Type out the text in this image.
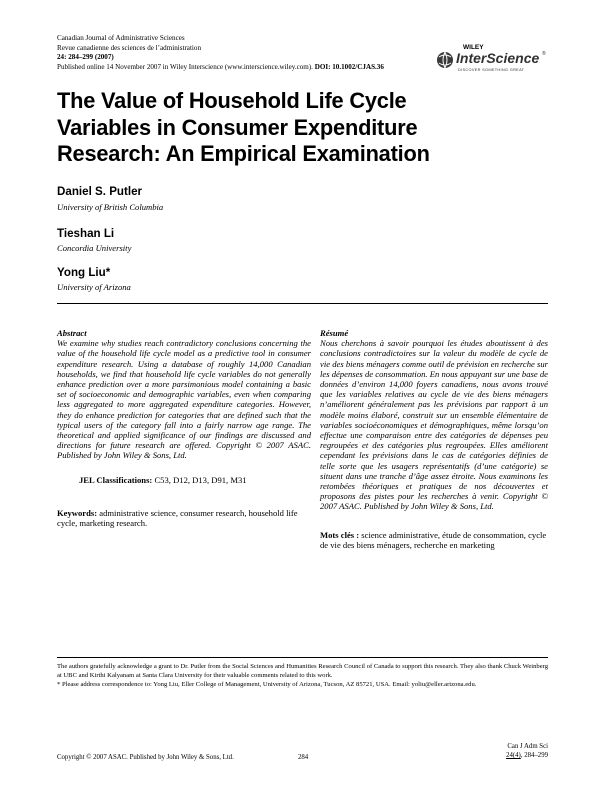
Canadian Journal of Administrative Sciences
Revue canadienne des sciences de l’administration
24: 284–299 (2007)
Published online 14 November 2007 in Wiley Interscience (www.interscience.wiley.com). DOI: 10.1002/CJAS.36
WILEY
InterScience ®
DISCOVER SOMETHING GREAT
The Value of Household Life Cycle
Variables in Consumer Expenditure
Research: An Empirical Examination
Daniel S. Putler
University of British Columbia
Tieshan Li
Concordia University
Yong Liu*
University of Arizona
Abstract
We examine why studies reach contradictory conclusions concerning the value of the household life cycle model as a predictive tool in consumer expenditure research. Using a database of roughly 14,000 Canadian households, we find that household life cycle variables do not generally enhance prediction over a more parsimonious model containing a basic set of socioeconomic and demographic variables, even when comparing less aggregated to more aggregated expenditure categories. However, they do enhance prediction for categories that are defined such that the typical users of the category fall into a fairly narrow age range. The theoretical and applied significance of our findings are discussed and directions for future research are offered. Copyright © 2007 ASAC. Published by John Wiley & Sons, Ltd.
JEL Classifications: C53, D12, D13, D91, M31
Keywords: administrative science, consumer research, household life cycle, marketing research.
Résumé
Nous cherchons à savoir pourquoi les études aboutissent à des conclusions contradictoires sur la valeur du modèle de cycle de vie des biens ménagers comme outil de prévision en recherche sur les dépenses de consommation. En nous appuyant sur une base de données d’environ 14,000 foyers canadiens, nous avons trouvé que les variables relatives au cycle de vie des biens ménagers n’améliorent généralement pas les prévisions par rapport à un modèle moins élaboré, construit sur un ensemble élémentaire de variables socioéconomiques et démographiques, même lorsqu’on effectue une comparaison entre des catégories de dépenses peu regroupées et des catégories plus regroupées. Elles améliorent cependant les prévisions dans le cas de catégories définies de telle sorte que les usagers représentatifs (d’une catégorie) se situent dans une tranche d’âge assez étroite. Nous examinons les retombées théoriques et pratiques de nos découvertes et proposons des pistes pour les recherches à venir. Copyright © 2007 ASAC. Published by John Wiley & Sons, Ltd.
Mots clés : science administrative, étude de consommation, cycle de vie des biens ménagers, recherche en marketing
The authors gratefully acknowledge a grant to Dr. Putler from the Social Sciences and Humanities Research Council of Canada to support this research. They also thank Chuck Weinberg at UBC and Kirthi Kalyanam at Santa Clara University for their valuable comments related to this work.
* Please address correspondence to: Yong Liu, Eller College of Management, University of Arizona, Tucson, AZ 85721, USA. Email: yoliu@eller.arizona.edu.
Copyright © 2007 ASAC. Published by John Wiley & Sons, Ltd.	284
Can J Adm Sci
24(4), 284–299
